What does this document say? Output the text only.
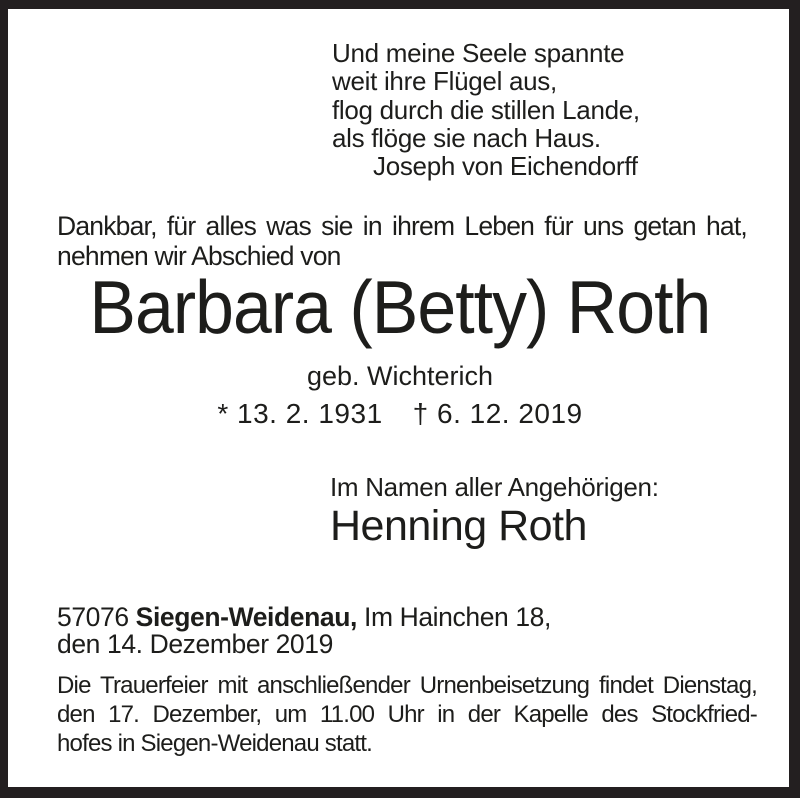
Und meine Seele spannte
weit ihre Flügel aus,
flog durch die stillen Lande,
als flöge sie nach Haus.
Joseph von Eichendorff
Dankbar, für alles was sie in ihrem Leben für uns getan hat,
nehmen wir Abschied von
Barbara (Betty) Roth
geb. Wichterich
* 13. 2. 1931 † 6. 12. 2019
Im Namen aller Angehörigen:
Henning Roth
57076 Siegen-Weidenau, Im Hainchen 18,
den 14. Dezember 2019
Die Trauerfeier mit anschließender Urnenbeisetzung findet Dienstag,
den 17. Dezember, um 11.00 Uhr in der Kapelle des Stockfried-
hofes in Siegen-Weidenau statt.
